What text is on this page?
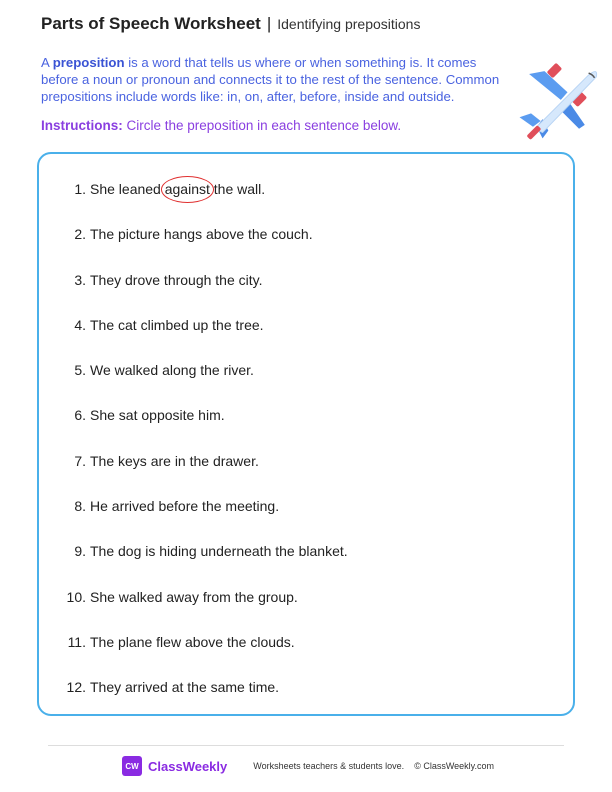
Parts of Speech Worksheet | Identifying prepositions
A preposition is a word that tells us where or when something is. It comes before a noun or pronoun and connects it to the rest of the sentence. Common prepositions include words like: in, on, after, before, inside and outside.
Instructions: Circle the preposition in each sentence below.
1. She leaned against the wall.
2. The picture hangs above the couch.
3. They drove through the city.
4. The cat climbed up the tree.
5. We walked along the river.
6. She sat opposite him.
7. The keys are in the drawer.
8. He arrived before the meeting.
9. The dog is hiding underneath the blanket.
10. She walked away from the group.
11. The plane flew above the clouds.
12. They arrived at the same time.
CW ClassWeekly	Worksheets teachers & students love. © ClassWeekly.com
